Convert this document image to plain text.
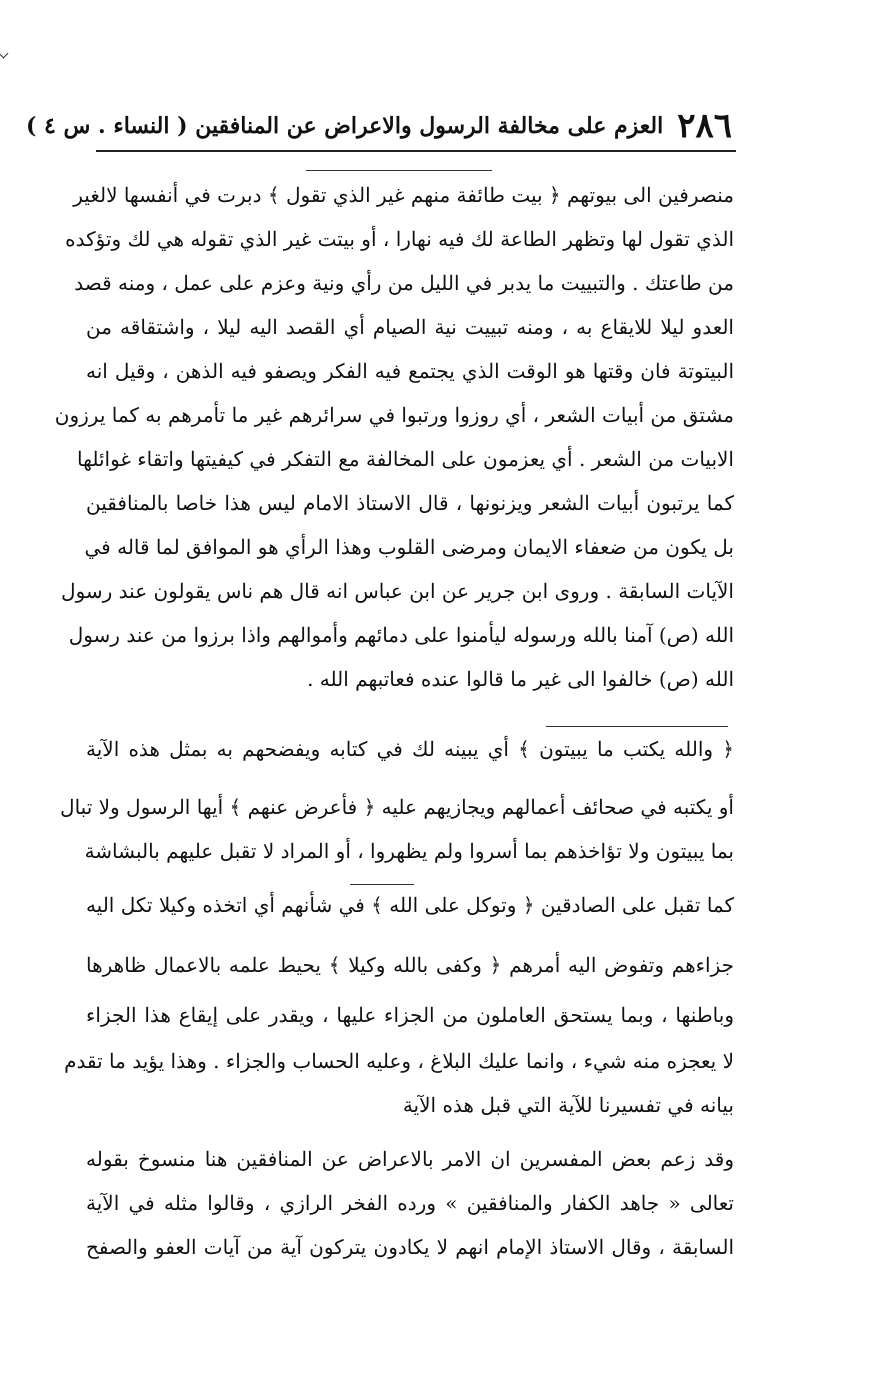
٢٨٦
العزم على مخالفة الرسول والاعراض عن المنافقين ( النساء . س ٤ )
منصرفين الى بيوتهم ﴿ بيت طائفة منهم غير الذي تقول ﴾ دبرت في أنفسها لالغير
الذي تقول لها وتظهر الطاعة لك فيه نهارا ، أو بيتت غير الذي تقوله هي لك وتؤكده
من طاعتك . والتبييت ما يدبر في الليل من رأي ونية وعزم على عمل ، ومنه قصد
العدو ليلا للايقاع به ، ومنه تبييت نية الصيام أي القصد اليه ليلا ، واشتقاقه من
البيتوتة فان وقتها هو الوقت الذي يجتمع فيه الفكر ويصفو فيه الذهن ، وقيل انه
مشتق من أبيات الشعر ، أي روزوا ورتبوا في سرائرهم غير ما تأمرهم به كما يرزون
الابيات من الشعر . أي يعزمون على المخالفة مع التفكر في كيفيتها واتقاء غوائلها
كما يرتبون أبيات الشعر ويزنونها ، قال الاستاذ الامام ليس هذا خاصا بالمنافقين
بل يكون من ضعفاء الايمان ومرضى القلوب وهذا الرأي هو الموافق لما قاله في
الآيات السابقة . وروى ابن جرير عن ابن عباس انه قال هم ناس يقولون عند رسول
الله (ص) آمنا بالله ورسوله ليأمنوا على دمائهم وأموالهم واذا برزوا من عند رسول
الله (ص) خالفوا الى غير ما قالوا عنده فعاتبهم الله .
﴿ والله يكتب ما يبيتون ﴾ أي يبينه لك في كتابه ويفضحهم به بمثل هذه الآية
أو يكتبه في صحائف أعمالهم ويجازيهم عليه ﴿ فأعرض عنهم ﴾ أيها الرسول ولا تبال
بما يبيتون ولا تؤاخذهم بما أسروا ولم يظهروا ، أو المراد لا تقبل عليهم بالبشاشة
كما تقبل على الصادقين ﴿ وتوكل على الله ﴾ في شأنهم أي اتخذه وكيلا تكل اليه
جزاءهم وتفوض اليه أمرهم ﴿ وكفى بالله وكيلا ﴾ يحيط علمه بالاعمال ظاهرها
وباطنها ، وبما يستحق العاملون من الجزاء عليها ، ويقدر على إيقاع هذا الجزاء
لا يعجزه منه شيء ، وانما عليك البلاغ ، وعليه الحساب والجزاء . وهذا يؤيد ما تقدم
بيانه في تفسيرنا للآية التي قبل هذه الآية
وقد زعم بعض المفسرين ان الامر بالاعراض عن المنافقين هنا منسوخ بقوله
تعالى « جاهد الكفار والمنافقين » ورده الفخر الرازي ، وقالوا مثله في الآية
السابقة ، وقال الاستاذ الإمام انهم لا يكادون يتركون آية من آيات العفو والصفح
